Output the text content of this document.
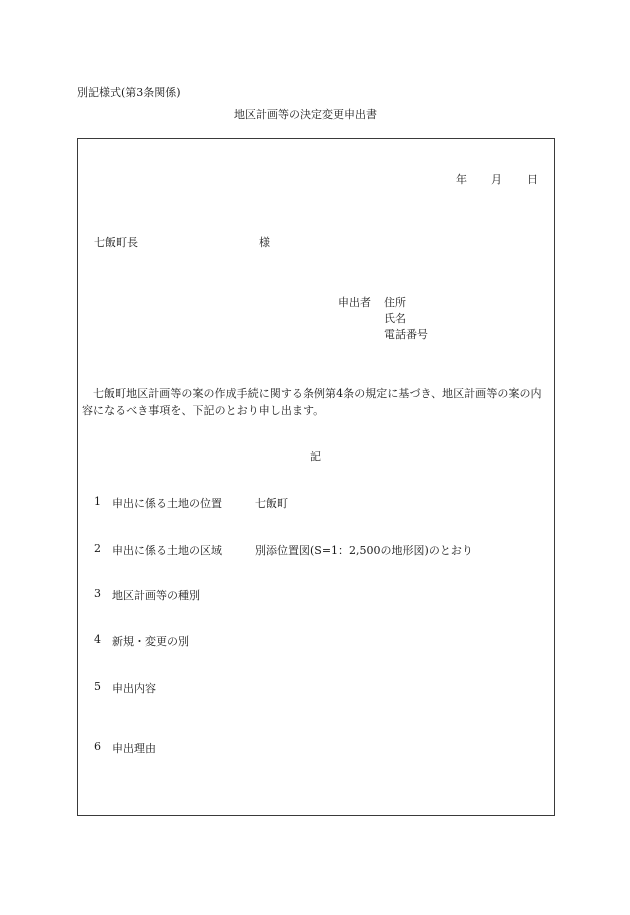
別記様式(第3条関係)
地区計画等の決定変更申出書
年 月 日
七飯町長	様
申出者 住所
氏名
電話番号
七飯町地区計画等の案の作成手続に関する条例第4条の規定に基づき、地区計画等の案の内容になるべき事項を、下記のとおり申し出ます。
記
1 申出に係る土地の位置	七飯町
2 申出に係る土地の区域	別添位置図(S=1：2,500の地形図)のとおり
3 地区計画等の種別
4 新規・変更の別
5 申出内容
6 申出理由
